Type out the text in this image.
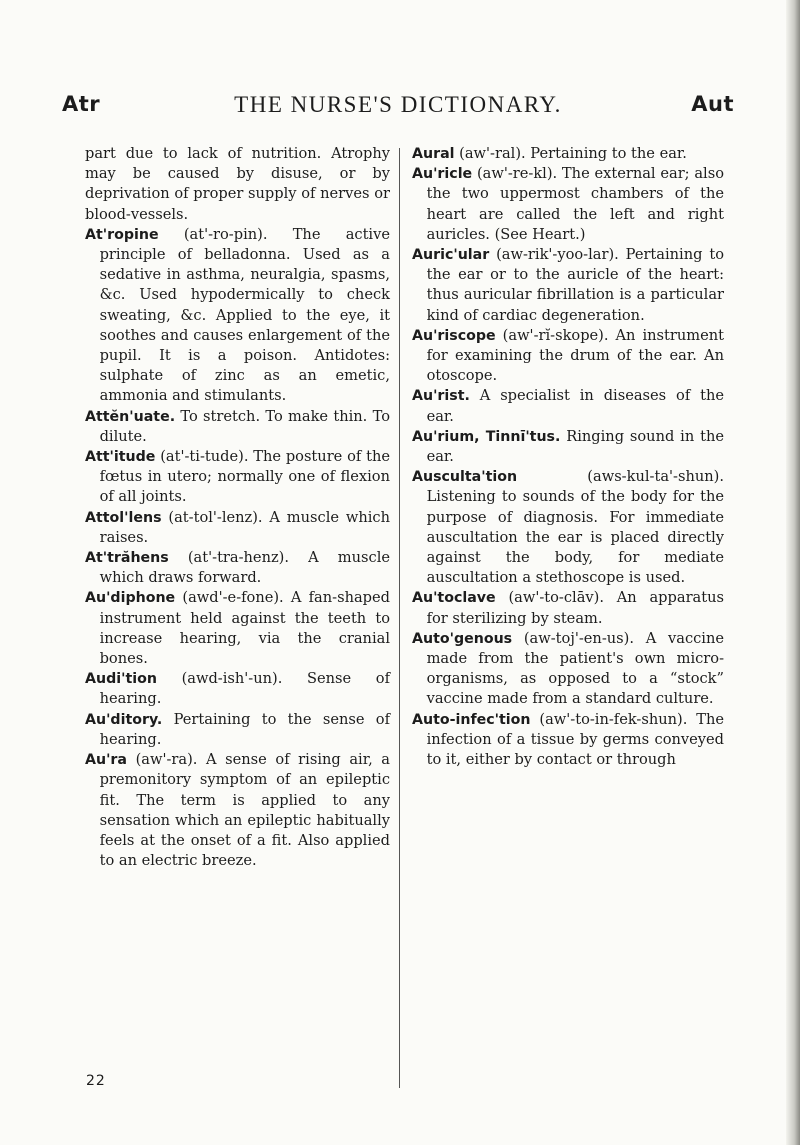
Atr	THE NURSE'S DICTIONARY.	Aut

part due to lack of nutrition. Atrophy may be caused by disuse, or by deprivation of proper supply of nerves or blood-vessels.

At'ropine (at'-ro-pin). The active principle of belladonna. Used as a sedative in asthma, neuralgia, spasms, &c. Used hypodermically to check sweating, &c. Applied to the eye, it soothes and causes enlargement of the pupil. It is a poison. Antidotes: sulphate of zinc as an emetic, ammonia and stimulants.

Attĕn'uate. To stretch. To make thin. To dilute.

Att'itude (at'-ti-tude). The posture of the fœtus in utero; normally one of flexion of all joints.

Attol'lens (at-tol'-lenz). A muscle which raises.

At'trăhens (at'-tra-henz). A muscle which draws forward.

Au'diphone (awd'-e-fone). A fan-shaped instrument held against the teeth to increase hearing, via the cranial bones.

Audi'tion (awd-ish'-un). Sense of hearing.

Au'ditory. Pertaining to the sense of hearing.

Au'ra (aw'-ra). A sense of rising air, a premonitory symptom of an epileptic fit. The term is applied to any sensation which an epileptic habitually feels at the onset of a fit. Also applied to an electric breeze.

Aural (aw'-ral). Pertaining to the ear.

Au'ricle (aw'-re-kl). The external ear; also the two uppermost chambers of the heart are called the left and right auricles. (See Heart.)

Auric'ular (aw-rik'-yoo-lar). Pertaining to the ear or to the auricle of the heart: thus auricular fibrillation is a particular kind of cardiac degeneration.

Au'riscope (aw'-rĭ-skope). An instrument for examining the drum of the ear. An otoscope.

Au'rist. A specialist in diseases of the ear.

Au'rium, Tinnī'tus. Ringing sound in the ear.

Ausculta'tion (aws-kul-ta'-shun). Listening to sounds of the body for the purpose of diagnosis. For immediate auscultation the ear is placed directly against the body, for mediate auscultation a stethoscope is used.

Au'toclave (aw'-to-clāv). An apparatus for sterilizing by steam.

Auto'genous (aw-toj'-en-us). A vaccine made from the patient's own micro-organisms, as opposed to a “stock” vaccine made from a standard culture.

Auto-infec'tion (aw'-to-in-fek-shun). The infection of a tissue by germs conveyed to it, either by contact or through

22
